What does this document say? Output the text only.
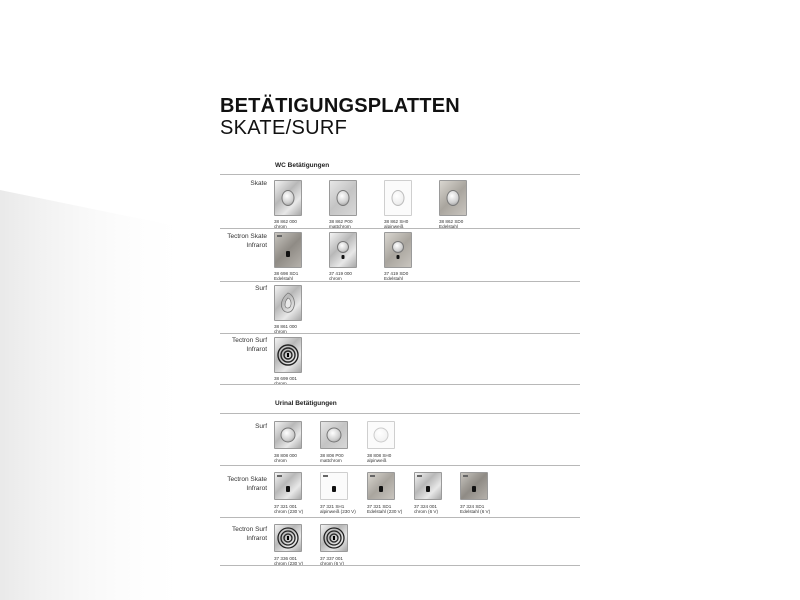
BETÄTIGUNGSPLATTEN
SKATE/SURF
WC Betätigungen
Skate
38 862 000
chrom
38 862 P00
mattchrom
38 862 SH0
alpinweiß
38 862 SD0
Edelstahl
Tectron Skate
Infrarot
38 698 SD1
Edelstahl
37 419 000
chrom
37 419 SD0
Edelstahl
Surf
38 861 000
chrom
Tectron Surf
Infrarot
38 699 001
chrom
Urinal Betätigungen
Surf
38 808 000
chrom
38 808 P00
mattchrom
38 808 SH0
alpinweiß
Tectron Skate
Infrarot
37 321 001
chrom (230 V)
37 321 SH1
alpinweiß (230 V)
37 321 SD1
Edelstahl (230 V)
37 324 001
chrom (6 V)
37 324 SD1
Edelstahl (6 V)
Tectron Surf
Infrarot
37 336 001
chrom (230 V)
37 337 001
chrom (6 V)
